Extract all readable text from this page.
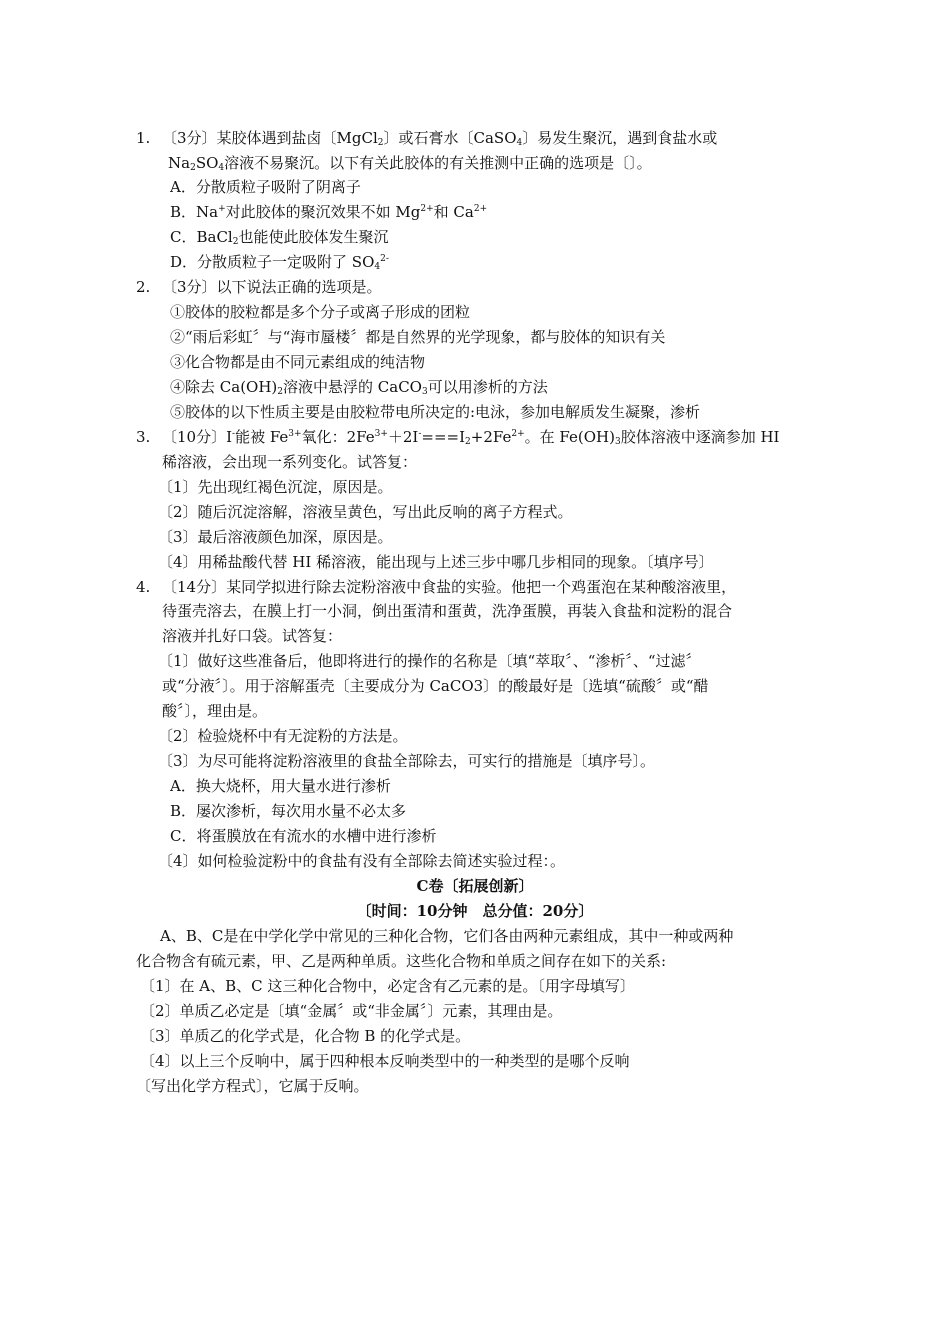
1. 〔3分〕某胶体遇到盐卤〔MgCl$_2$〕或石膏水〔CaSO$_4$〕易发生聚沉，遇到食盐水或
$Na_2SO_4$溶液不易聚沉。以下有关此胶体的有关推测中正确的选项是〔〕。
A．分散质粒子吸附了阴离子
B．Na+对此胶体的聚沉效果不如 $Mg^{2+}$和 $Ca^{2+}$
C．BaCl$_2$也能使此胶体发生聚沉
D．分散质粒子一定吸附了 $SO_4^{2-}$
2. 〔3分〕以下说法正确的选项是。
①胶体的胶粒都是多个分子或离子形成的团粒
②“雨后彩虹〞与“海市蜃楼〞都是自然界的光学现象，都与胶体的知识有关
③化合物都是由不同元素组成的纯洁物
④除去 $Ca(OH)_2$溶液中悬浮的 CaCO$_3$可以用渗析的方法
⑤胶体的以下性质主要是由胶粒带电所决定的:电泳，参加电解质发生凝聚，渗析
3. 〔10分〕I-能被 $Fe^{3+}$氧化：$2Fe^{3+}+2I^-===I_2+2Fe^{2+}$。在 $Fe(OH)_3$胶体溶液中逐滴参加 HI
稀溶液，会出现一系列变化。试答复：
〔1〕先出现红褐色沉淀，原因是。
〔2〕随后沉淀溶解，溶液呈黄色，写出此反响的离子方程式。
〔3〕最后溶液颜色加深，原因是。
〔4〕用稀盐酸代替 HI 稀溶液，能出现与上述三步中哪几步相同的现象。〔填序号〕
4. 〔14分〕某同学拟进行除去淀粉溶液中食盐的实验。他把一个鸡蛋泡在某种酸溶液里，
待蛋壳溶去，在膜上打一小洞，倒出蛋清和蛋黄，洗净蛋膜，再装入食盐和淀粉的混合
溶液并扎好口袋。试答复：
〔1〕做好这些准备后，他即将进行的操作的名称是〔填“萃取〞、“渗析〞、“过滤〞
或“分液〞〕。用于溶解蛋壳〔主要成分为 CaCO3〕的酸最好是〔选填“硫酸〞或“醋
酸〞〕，理由是。
〔2〕检验烧杯中有无淀粉的方法是。
〔3〕为尽可能将淀粉溶液里的食盐全部除去，可实行的措施是〔填序号〕。
A．换大烧杯，用大量水进行渗析
B．屡次渗析，每次用水量不必太多
C．将蛋膜放在有流水的水槽中进行渗析
〔4〕如何检验淀粉中的食盐有没有全部除去简述实验过程：。
C卷〔拓展创新〕
〔时间：10分钟　总分值：20分〕
A、B、C是在中学化学中常见的三种化合物，它们各由两种元素组成，其中一种或两种
化合物含有硫元素，甲、乙是两种单质。这些化合物和单质之间存在如下的关系:
〔1〕在 A、B、C 这三种化合物中，必定含有乙元素的是。〔用字母填写〕
〔2〕单质乙必定是〔填“金属〞或“非金属〞〕元素，其理由是。
〔3〕单质乙的化学式是，化合物 B 的化学式是。
〔4〕以上三个反响中，属于四种根本反响类型中的一种类型的是哪个反响
〔写出化学方程式〕，它属于反响。
